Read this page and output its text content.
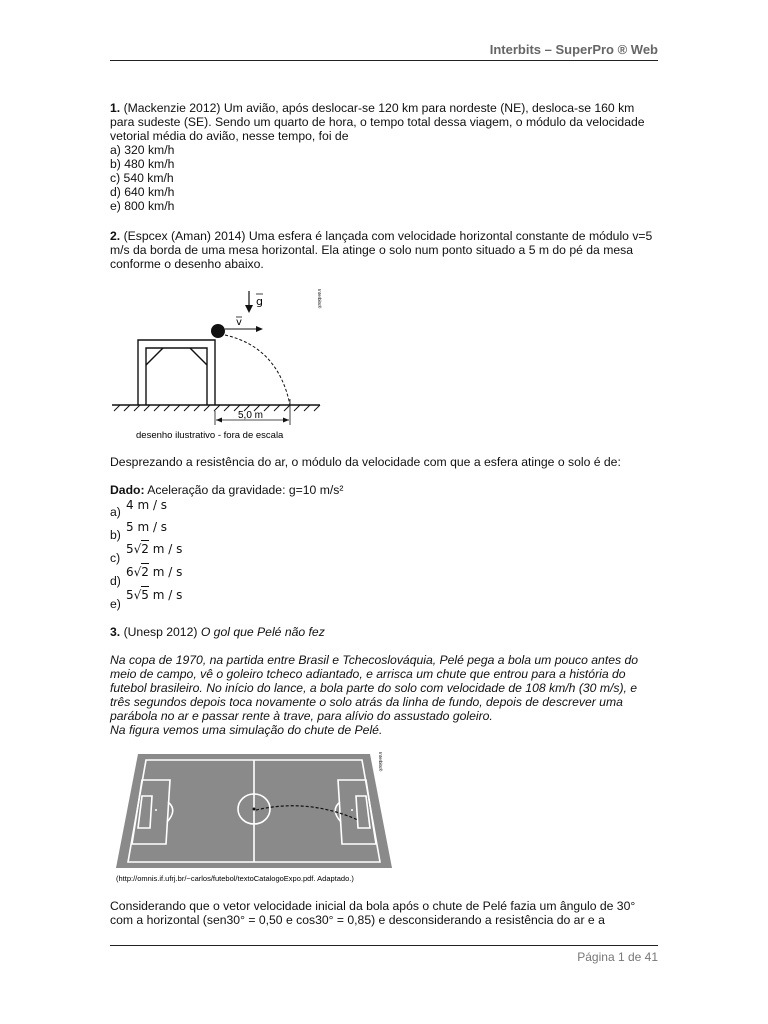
Interbits – SuperPro ® Web

1. (Mackenzie 2012) Um avião, após deslocar-se 120 km para nordeste (NE), desloca-se 160 km para sudeste (SE). Sendo um quarto de hora, o tempo total dessa viagem, o módulo da velocidade vetorial média do avião, nesse tempo, foi de

a) 320 km/h

b) 480 km/h

c) 540 km/h

d) 640 km/h

e) 800 km/h

2. (Espcex (Aman) 2014) Uma esfera é lançada com velocidade horizontal constante de módulo v=5 m/s da borda de uma mesa horizontal. Ela atinge o solo num ponto situado a 5 m do pé da mesa conforme o desenho abaixo.

v
g
5,0 m
desenho ilustrativo - fora de escala
Interbits®

Desprezando a resistência do ar, o módulo da velocidade com que a esfera atinge o solo é de:

Dado: Aceleração da gravidade: g=10 m/s²

a) 4 m / s
b)
5 m / s
c)
5√2 m / s
d)
6√2 m / s
e)
5√5 m / s

3. (Unesp 2012) O gol que Pelé não fez

Na copa de 1970, na partida entre Brasil e Tchecoslováquia, Pelé pega a bola um pouco antes do meio de campo, vê o goleiro tcheco adiantado, e arrisca um chute que entrou para a história do futebol brasileiro. No início do lance, a bola parte do solo com velocidade de 108 km/h (30 m/s), e três segundos depois toca novamente o solo atrás da linha de fundo, depois de descrever uma parábola no ar e passar rente à trave, para alívio do assustado goleiro.

Na figura vemos uma simulação do chute de Pelé.

(http://omnis.if.ufrj.br/~carlos/futebol/textoCatalogoExpo.pdf. Adaptado.)
Interbits®

Considerando que o vetor velocidade inicial da bola após o chute de Pelé fazia um ângulo de 30° com a horizontal (sen30° = 0,50 e cos30° = 0,85) e desconsiderando a resistência do ar e a

Página 1 de 41
